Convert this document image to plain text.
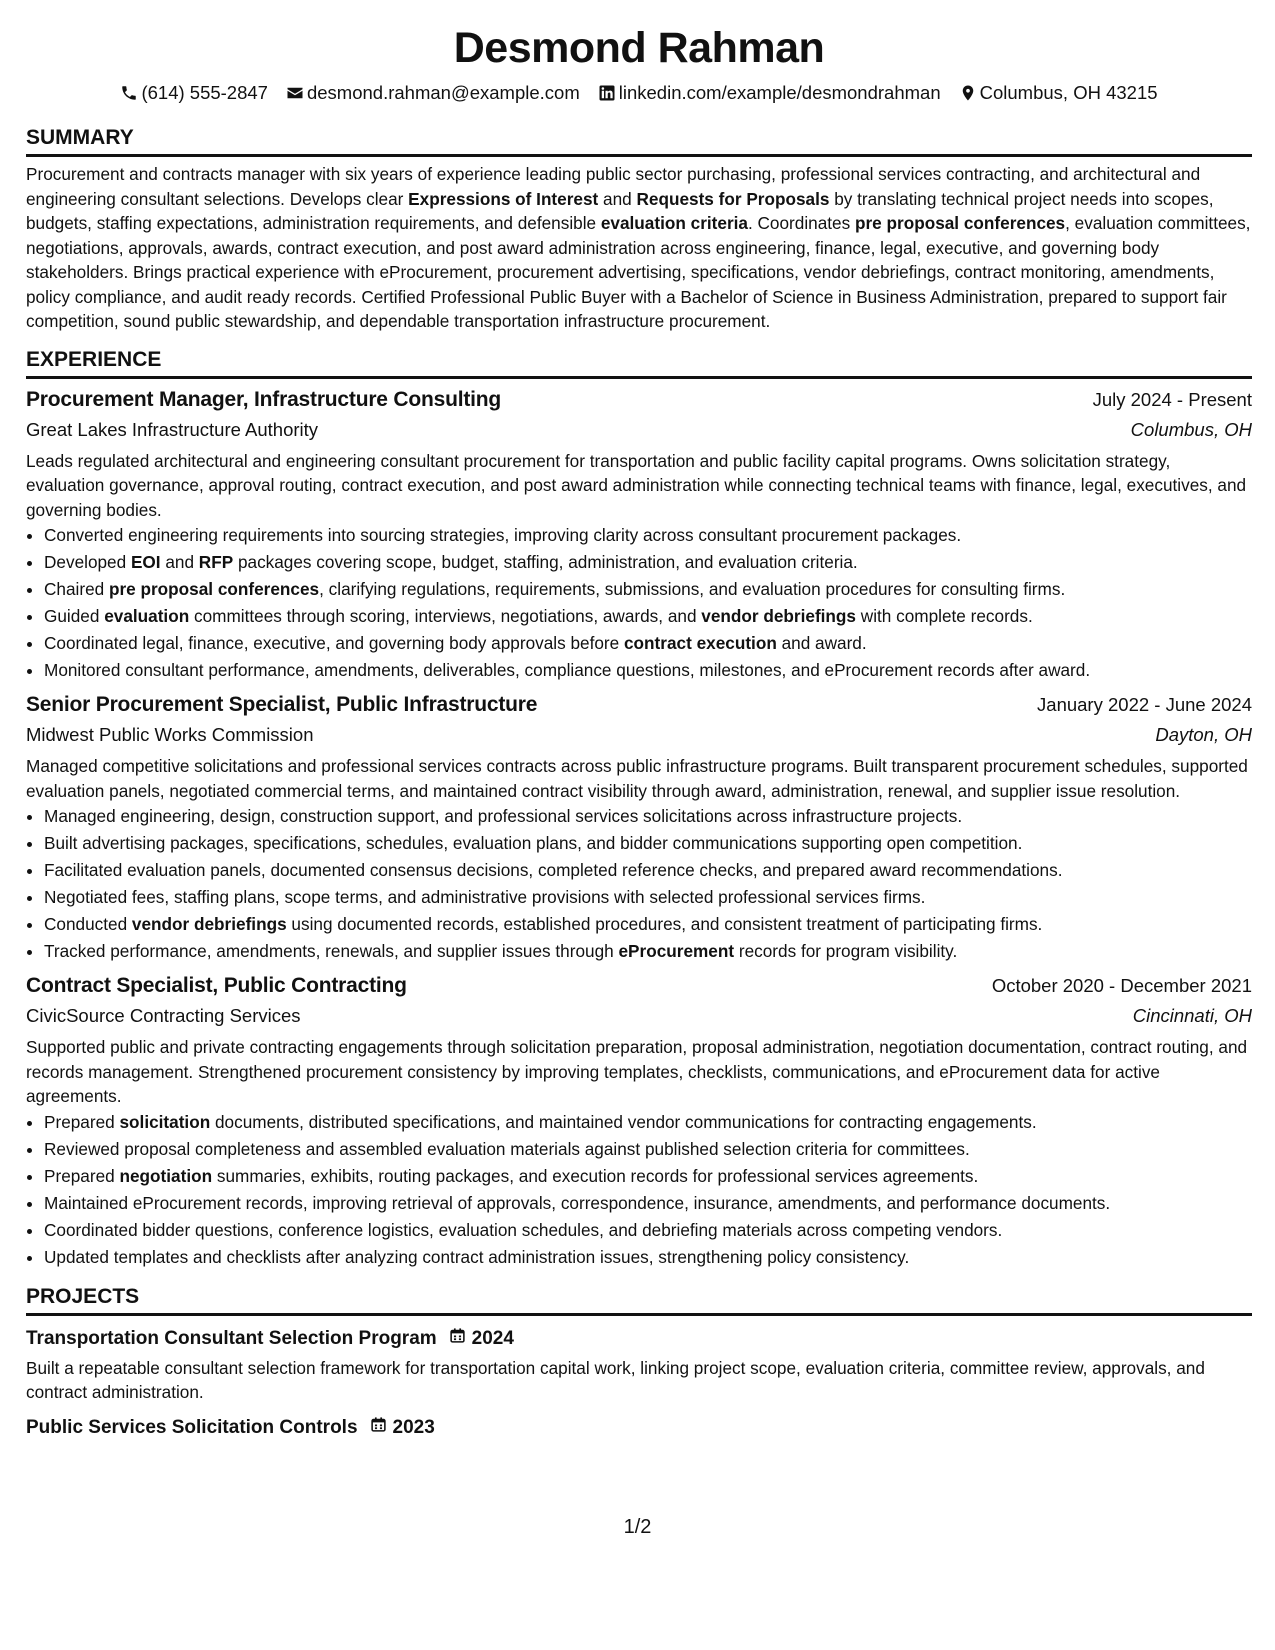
Desmond Rahman
(614) 555-2847 desmond.rahman@example.com linkedin.com/example/desmondrahman Columbus, OH 43215
SUMMARY

Procurement and contracts manager with six years of experience leading public sector purchasing, professional services contracting, and architectural and engineering consultant selections. Develops clear Expressions of Interest and Requests for Proposals by translating technical project needs into scopes, budgets, staffing expectations, administration requirements, and defensible evaluation criteria. Coordinates pre proposal conferences, evaluation committees, negotiations, approvals, awards, contract execution, and post award administration across engineering, finance, legal, executive, and governing body stakeholders. Brings practical experience with eProcurement, procurement advertising, specifications, vendor debriefings, contract monitoring, amendments, policy compliance, and audit ready records. Certified Professional Public Buyer with a Bachelor of Science in Business Administration, prepared to support fair competition, sound public stewardship, and dependable transportation infrastructure procurement.

EXPERIENCE
Procurement Manager, Infrastructure Consulting	July 2024 - Present
Great Lakes Infrastructure Authority	Columbus, OH

Leads regulated architectural and engineering consultant procurement for transportation and public facility capital programs. Owns solicitation strategy, evaluation governance, approval routing, contract execution, and post award administration while connecting technical teams with finance, legal, executives, and governing bodies.

• Converted engineering requirements into sourcing strategies, improving clarity across consultant procurement packages.
• Developed EOI and RFP packages covering scope, budget, staffing, administration, and evaluation criteria.
• Chaired pre proposal conferences, clarifying regulations, requirements, submissions, and evaluation procedures for consulting firms.
• Guided evaluation committees through scoring, interviews, negotiations, awards, and vendor debriefings with complete records.
• Coordinated legal, finance, executive, and governing body approvals before contract execution and award.
• Monitored consultant performance, amendments, deliverables, compliance questions, milestones, and eProcurement records after award.
Senior Procurement Specialist, Public Infrastructure	January 2022 - June 2024
Midwest Public Works Commission	Dayton, OH

Managed competitive solicitations and professional services contracts across public infrastructure programs. Built transparent procurement schedules, supported evaluation panels, negotiated commercial terms, and maintained contract visibility through award, administration, renewal, and supplier issue resolution.

• Managed engineering, design, construction support, and professional services solicitations across infrastructure projects.
• Built advertising packages, specifications, schedules, evaluation plans, and bidder communications supporting open competition.
• Facilitated evaluation panels, documented consensus decisions, completed reference checks, and prepared award recommendations.
• Negotiated fees, staffing plans, scope terms, and administrative provisions with selected professional services firms.
• Conducted vendor debriefings using documented records, established procedures, and consistent treatment of participating firms.
• Tracked performance, amendments, renewals, and supplier issues through eProcurement records for program visibility.
Contract Specialist, Public Contracting	October 2020 - December 2021
CivicSource Contracting Services	Cincinnati, OH

Supported public and private contracting engagements through solicitation preparation, proposal administration, negotiation documentation, contract routing, and records management. Strengthened procurement consistency by improving templates, checklists, communications, and eProcurement data for active agreements.

• Prepared solicitation documents, distributed specifications, and maintained vendor communications for contracting engagements.
• Reviewed proposal completeness and assembled evaluation materials against published selection criteria for committees.
• Prepared negotiation summaries, exhibits, routing packages, and execution records for professional services agreements.
• Maintained eProcurement records, improving retrieval of approvals, correspondence, insurance, amendments, and performance documents.
• Coordinated bidder questions, conference logistics, evaluation schedules, and debriefing materials across competing vendors.
• Updated templates and checklists after analyzing contract administration issues, strengthening policy consistency.
PROJECTS
Transportation Consultant Selection Program 2024

Built a repeatable consultant selection framework for transportation capital work, linking project scope, evaluation criteria, committee review, approvals, and contract administration.

Public Services Solicitation Controls 2023
1/2
